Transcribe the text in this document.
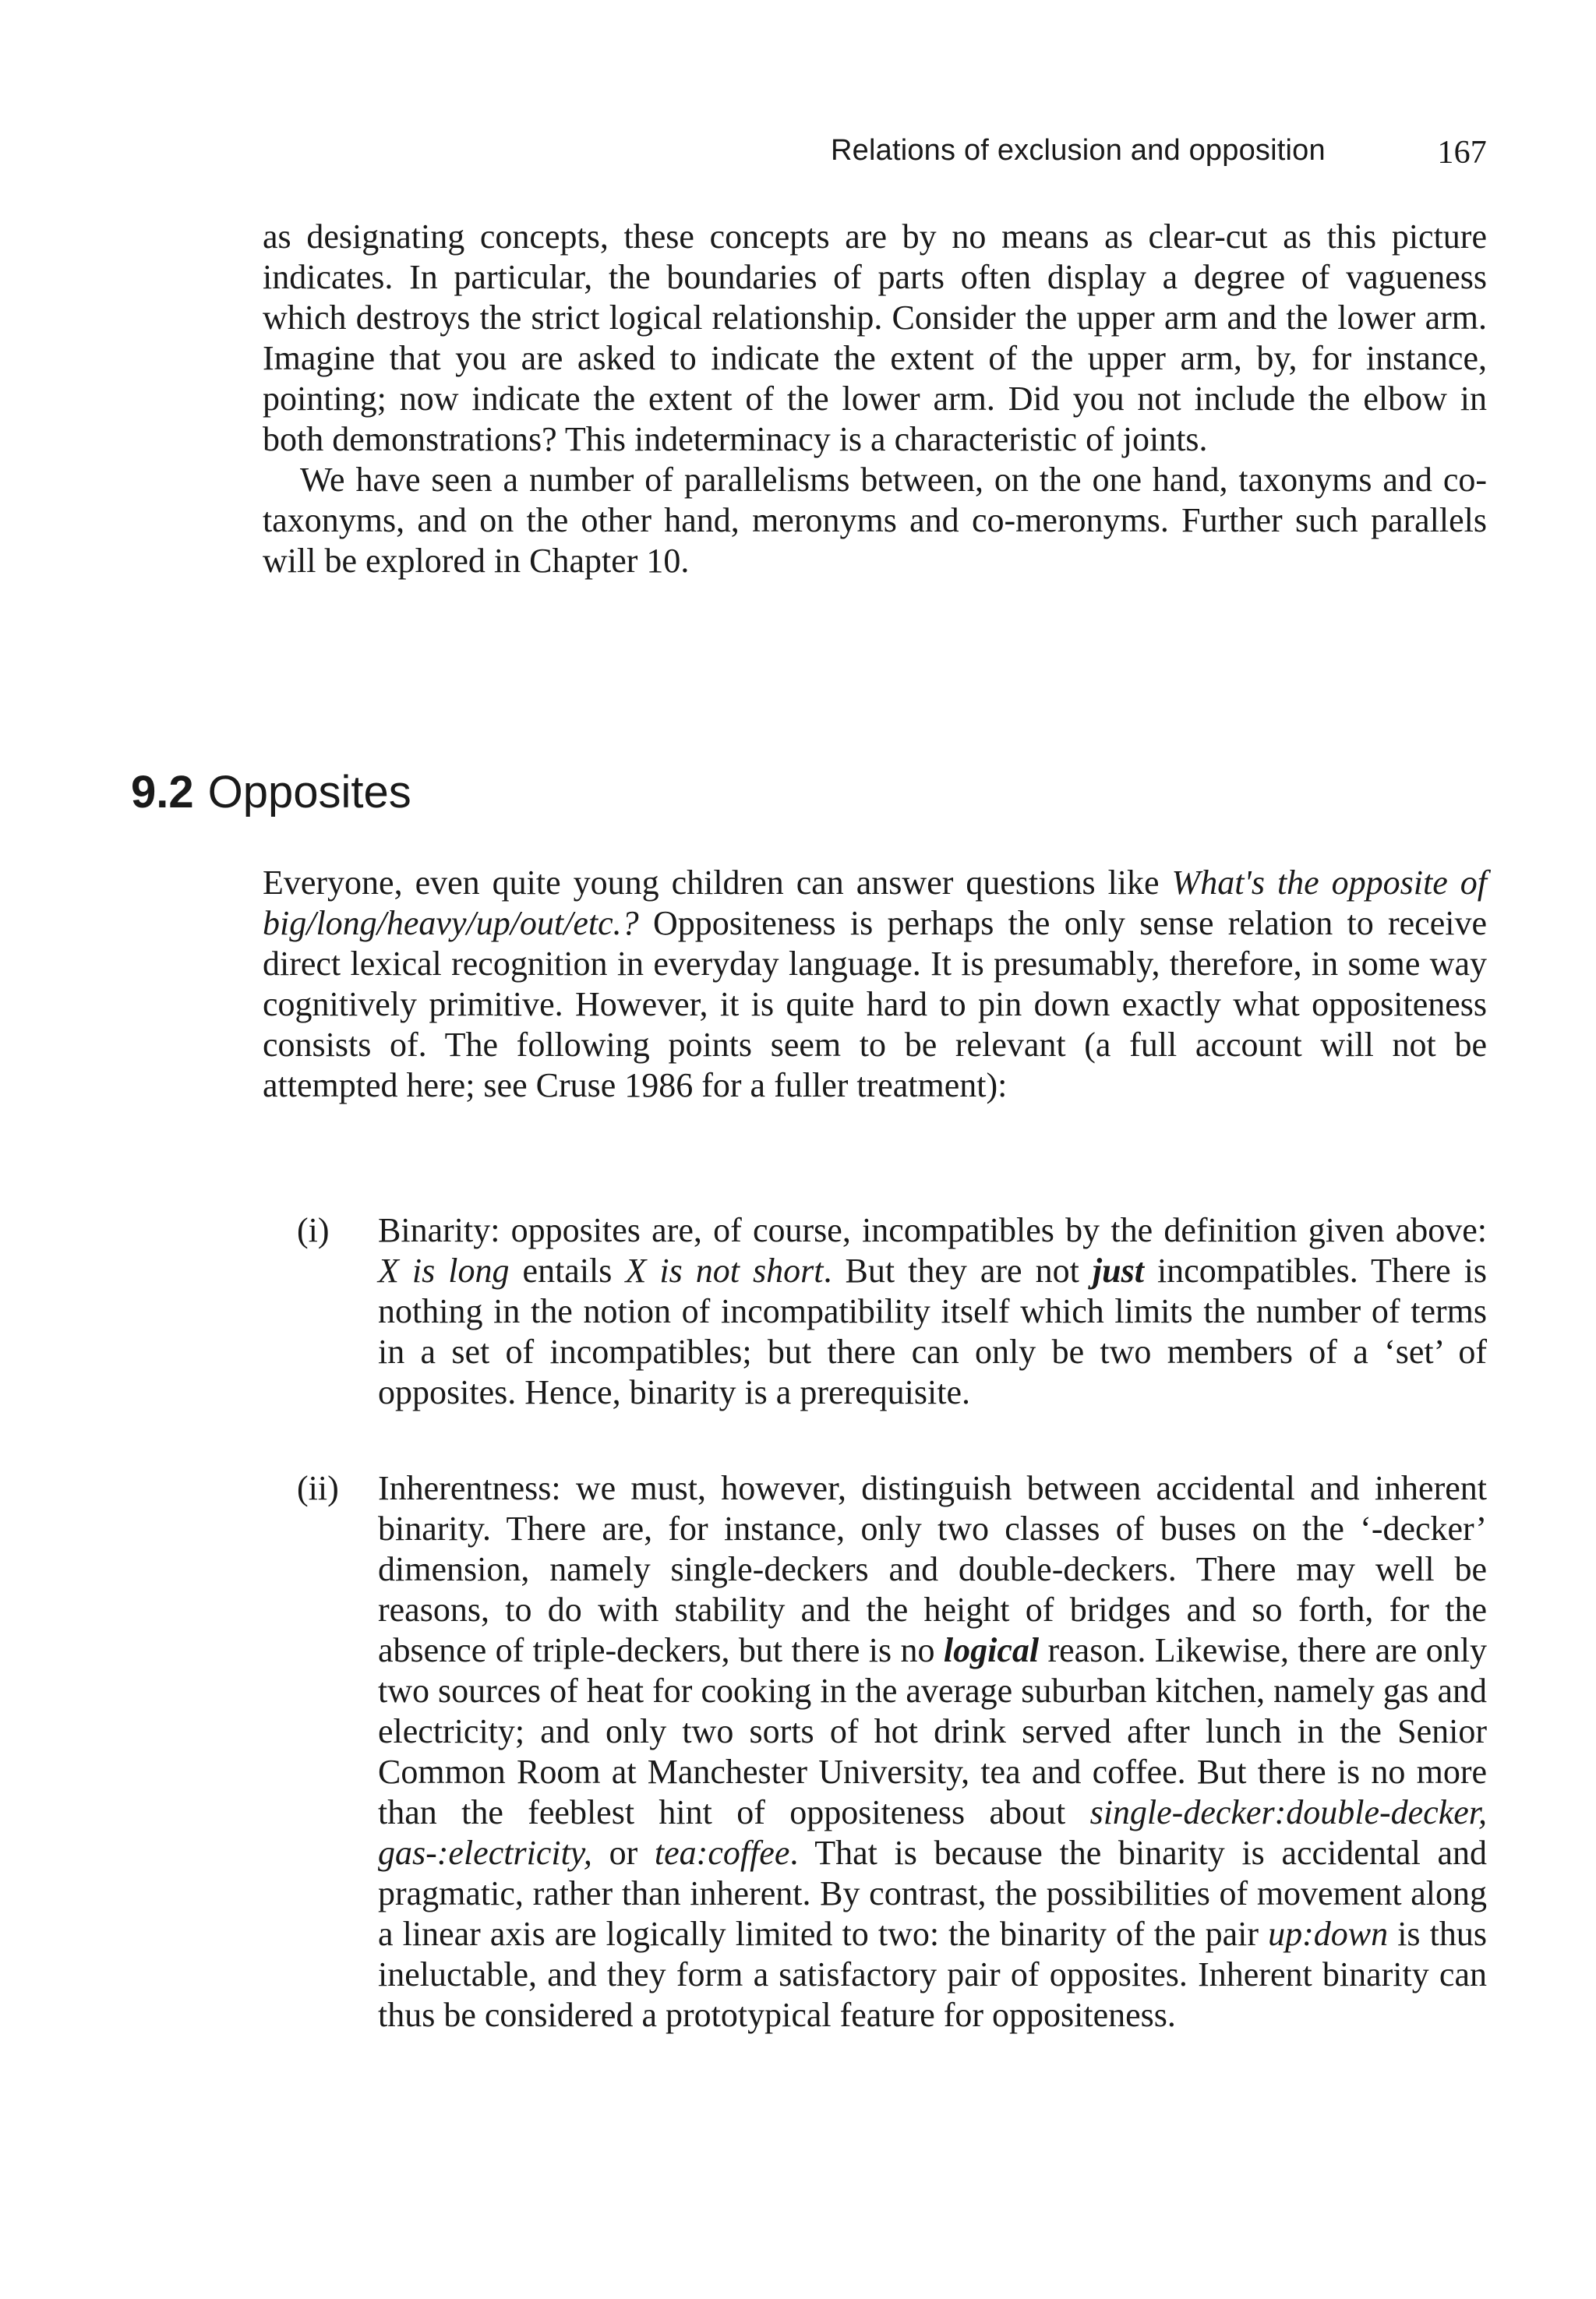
Relations of exclusion and opposition	167

as designating concepts, these concepts are by no means as clear-cut as this picture indicates. In particular, the boundaries of parts often display a degree of vagueness which destroys the strict logical relationship. Consider the upper arm and the lower arm. Imagine that you are asked to indicate the extent of the upper arm, by, for instance, pointing; now indicate the extent of the lower arm. Did you not include the elbow in both demonstrations? This indeterminacy is a characteristic of joints.

We have seen a number of parallelisms between, on the one hand, taxonyms and co-taxonyms, and on the other hand, meronyms and co-meronyms. Further such parallels will be explored in Chapter 10.

9.2 Opposites

Everyone, even quite young children can answer questions like What's the opposite of big/long/heavy/up/out/etc.? Oppositeness is perhaps the only sense relation to receive direct lexical recognition in everyday language. It is presumably, therefore, in some way cognitively primitive. However, it is quite hard to pin down exactly what oppositeness consists of. The following points seem to be relevant (a full account will not be attempted here; see Cruse 1986 for a fuller treatment):

(i)	Binarity: opposites are, of course, incompatibles by the definition given above: X is long entails X is not short. But they are not just incompatibles. There is nothing in the notion of incompatibility itself which limits the number of terms in a set of incompatibles; but there can only be two members of a ‘set’ of opposites. Hence, binarity is a prerequisite.
(ii)	Inherentness: we must, however, distinguish between accidental and inherent binarity. There are, for instance, only two classes of buses on the ‘-decker’ dimension, namely single-deckers and double-deckers. There may well be reasons, to do with stability and the height of bridges and so forth, for the absence of triple-deckers, but there is no logical reason. Likewise, there are only two sources of heat for cooking in the average suburban kitchen, namely gas and electricity; and only two sorts of hot drink served after lunch in the Senior Common Room at Manchester University, tea and coffee. But there is no more than the feeblest hint of oppositeness about single-decker:double-decker, gas-:electricity, or tea:coffee. That is because the binarity is accidental and pragmatic, rather than inherent. By contrast, the possibilities of movement along a linear axis are logically limited to two: the binarity of the pair up:down is thus ineluctable, and they form a satisfactory pair of opposites. Inherent binarity can thus be considered a prototypical feature for oppositeness.
